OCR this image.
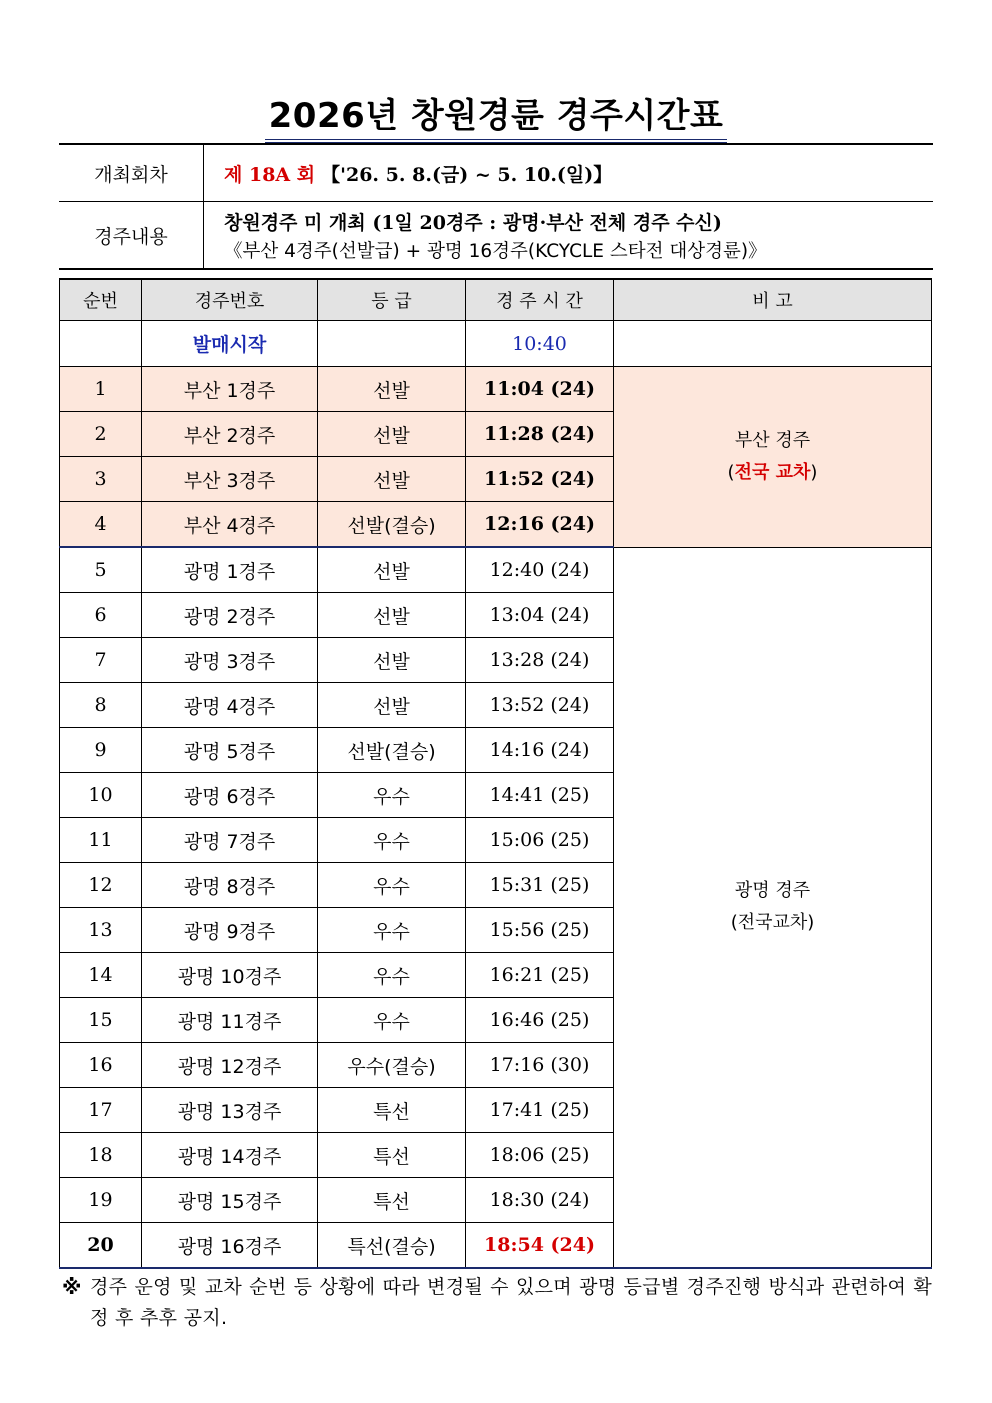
2026년 창원경륜 경주시간표
개최회차	제 18A 회 【'26. 5. 8.(금) ~ 5. 10.(일)】
경주내용	창원경주 미 개최 (1일 20경주 : 광명·부산 전체 경주 수신)
《부산 4경주(선발급) + 광명 16경주(KCYCLE 스타전 대상경륜)》
순번	경주번호	등 급	경 주 시 간	비 고
	발매시작		10:40	
1	부산 1경주	선발	11:04 (24)	부산 경주
(전국 교차)

2	부산 2경주	선발	11:28 (24)	
3	부산 3경주	선발	11:52 (24)	
4	부산 4경주	선발(결승)	12:16 (24)	
5	광명 1경주	선발	12:40 (24)	광명 경주
(전국교차)

6	광명 2경주	선발	13:04 (24)	
7	광명 3경주	선발	13:28 (24)	
8	광명 4경주	선발	13:52 (24)	
9	광명 5경주	선발(결승)	14:16 (24)	
10	광명 6경주	우수	14:41 (25)	
11	광명 7경주	우수	15:06 (25)	
12	광명 8경주	우수	15:31 (25)	
13	광명 9경주	우수	15:56 (25)	
14	광명 10경주	우수	16:21 (25)	
15	광명 11경주	우수	16:46 (25)	
16	광명 12경주	우수(결승)	17:16 (30)	
17	광명 13경주	특선	17:41 (25)	
18	광명 14경주	특선	18:06 (25)	
19	광명 15경주	특선	18:30 (24)	
20	광명 16경주	특선(결승)	18:54 (24)	
※ 경주 운영 및 교차 순번 등 상황에 따라 변경될 수 있으며 광명 등급별 경주진행 방식과 관련하여 확정 후 추후 공지.
